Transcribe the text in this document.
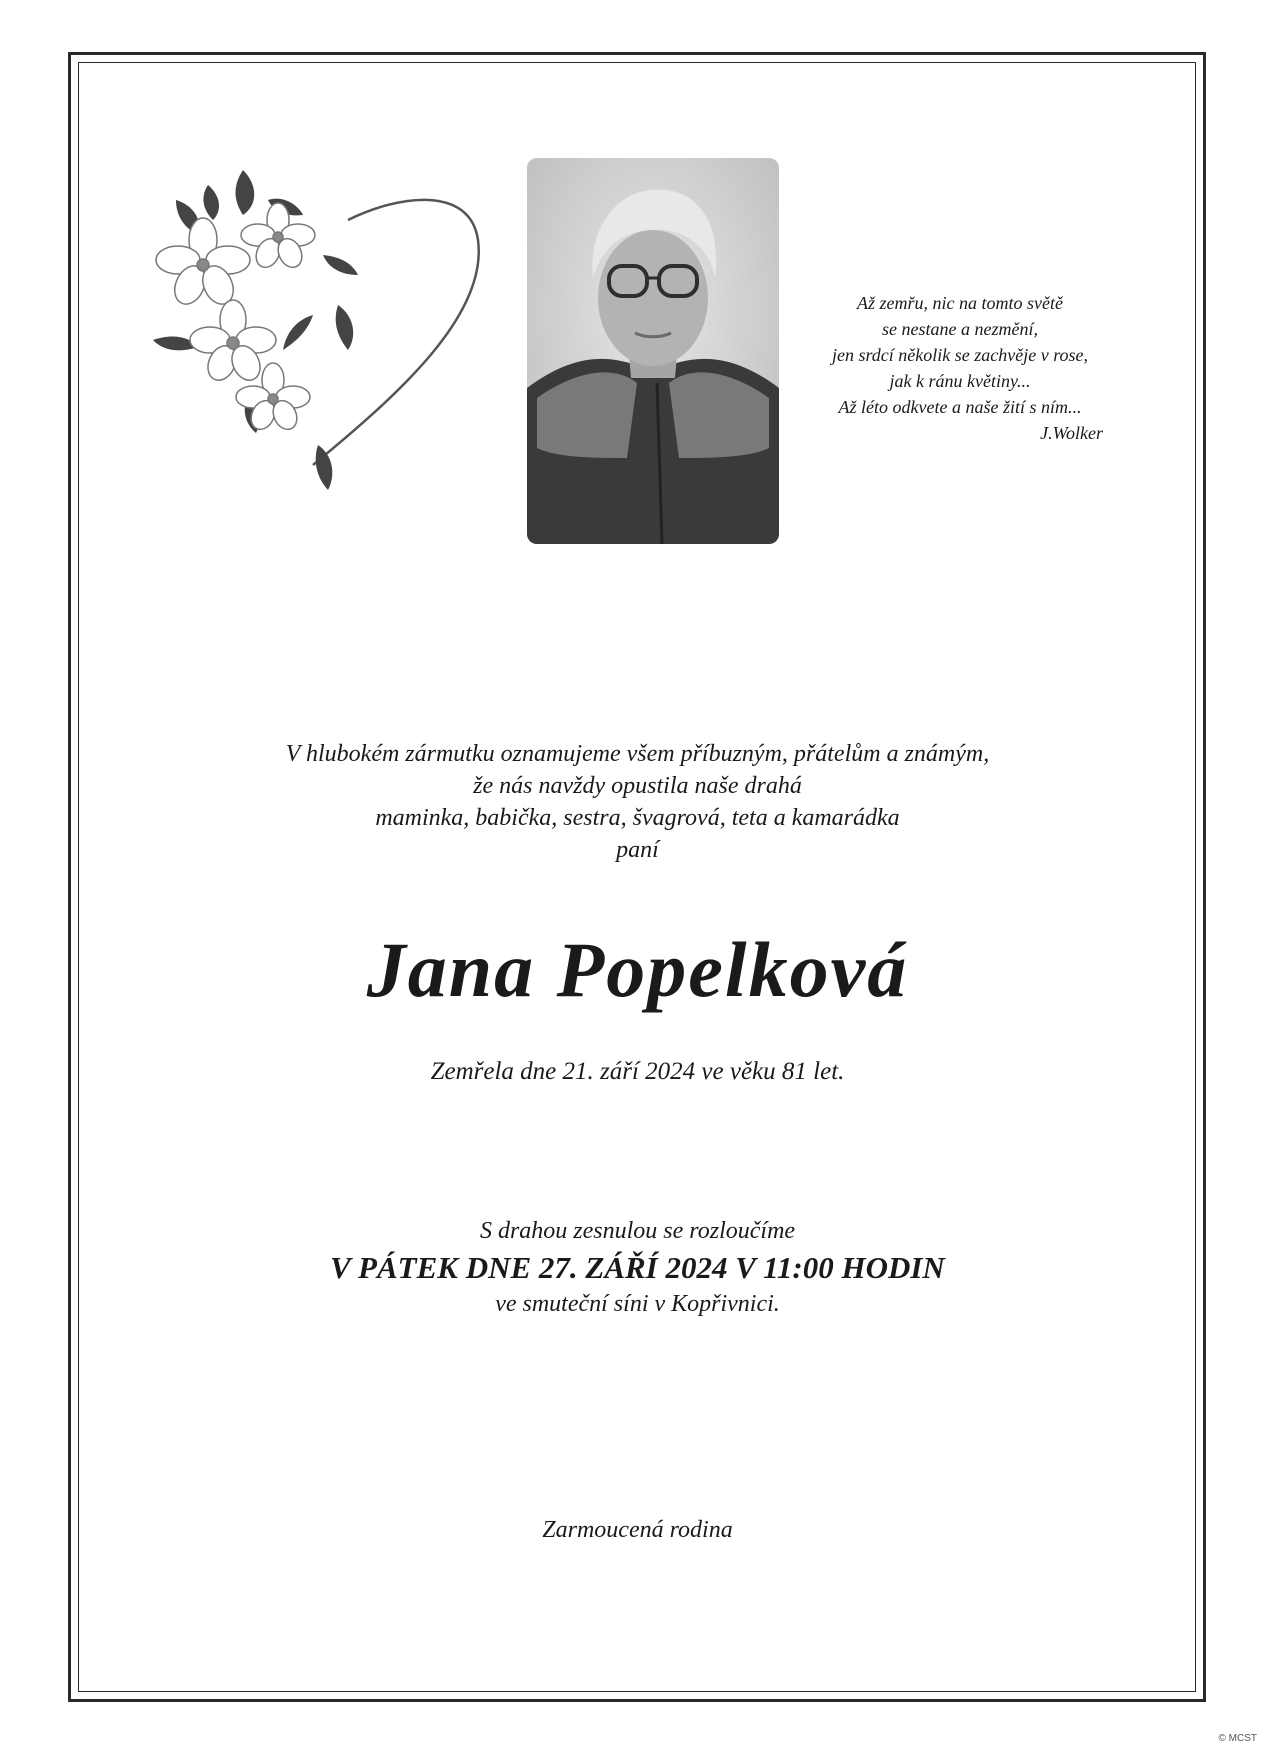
Až zemřu, nic na tomto světě
se nestane a nezmění,
jen srdcí několik se zachvěje v rose,
jak k ránu květiny...
Až léto odkvete a naše žití s ním...
J.Wolker
V hlubokém zármutku oznamujeme všem příbuzným, přátelům a známým,
že nás navždy opustila naše drahá
maminka, babička, sestra, švagrová, teta a kamarádka
paní
Jana Popelková
Zemřela dne 21. září 2024 ve věku 81 let.
S drahou zesnulou se rozloučíme
V PÁTEK DNE 27. ZÁŘÍ 2024 V 11:00 HODIN
ve smuteční síni v Kopřivnici.
Zarmoucená rodina
© MCST
